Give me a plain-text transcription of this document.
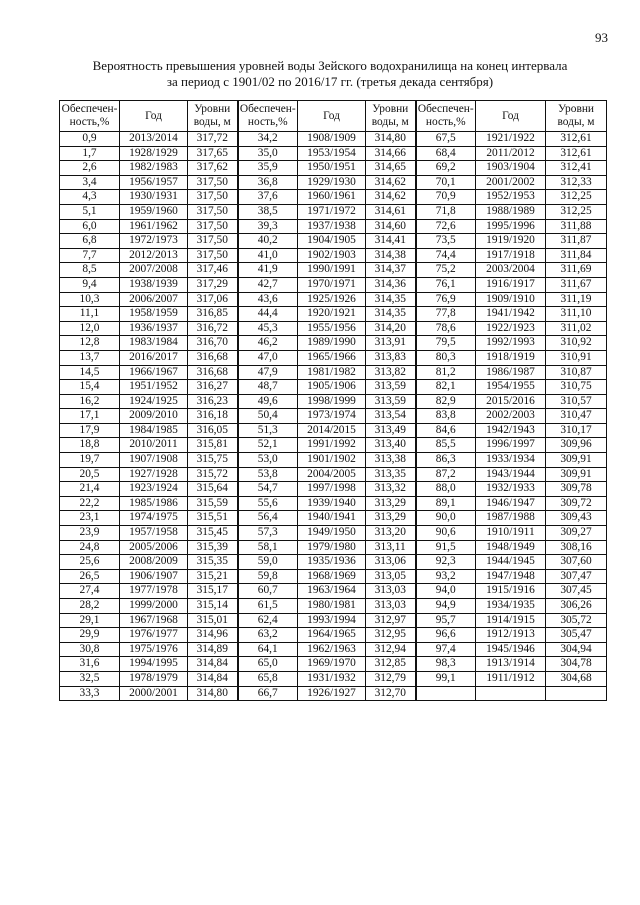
93
Вероятность превышения уровней воды Зейского водохранилища на конец интервала
за период с 1901/02 по 2016/17 гг. (третья декада сентября)
Обеспечен-ность,%	Год	Уровни воды, м	Обеспечен-ность,%	Год	Уровни воды, м	Обеспечен-ность,%	Год	Уровни воды, м
0,9	2013/2014	317,72	34,2	1908/1909	314,80	67,5	1921/1922	312,61
1,7	1928/1929	317,65	35,0	1953/1954	314,66	68,4	2011/2012	312,61
2,6	1982/1983	317,62	35,9	1950/1951	314,65	69,2	1903/1904	312,41
3,4	1956/1957	317,50	36,8	1929/1930	314,62	70,1	2001/2002	312,33
4,3	1930/1931	317,50	37,6	1960/1961	314,62	70,9	1952/1953	312,25
5,1	1959/1960	317,50	38,5	1971/1972	314,61	71,8	1988/1989	312,25
6,0	1961/1962	317,50	39,3	1937/1938	314,60	72,6	1995/1996	311,88
6,8	1972/1973	317,50	40,2	1904/1905	314,41	73,5	1919/1920	311,87
7,7	2012/2013	317,50	41,0	1902/1903	314,38	74,4	1917/1918	311,84
8,5	2007/2008	317,46	41,9	1990/1991	314,37	75,2	2003/2004	311,69
9,4	1938/1939	317,29	42,7	1970/1971	314,36	76,1	1916/1917	311,67
10,3	2006/2007	317,06	43,6	1925/1926	314,35	76,9	1909/1910	311,19
11,1	1958/1959	316,85	44,4	1920/1921	314,35	77,8	1941/1942	311,10
12,0	1936/1937	316,72	45,3	1955/1956	314,20	78,6	1922/1923	311,02
12,8	1983/1984	316,70	46,2	1989/1990	313,91	79,5	1992/1993	310,92
13,7	2016/2017	316,68	47,0	1965/1966	313,83	80,3	1918/1919	310,91
14,5	1966/1967	316,68	47,9	1981/1982	313,82	81,2	1986/1987	310,87
15,4	1951/1952	316,27	48,7	1905/1906	313,59	82,1	1954/1955	310,75
16,2	1924/1925	316,23	49,6	1998/1999	313,59	82,9	2015/2016	310,57
17,1	2009/2010	316,18	50,4	1973/1974	313,54	83,8	2002/2003	310,47
17,9	1984/1985	316,05	51,3	2014/2015	313,49	84,6	1942/1943	310,17
18,8	2010/2011	315,81	52,1	1991/1992	313,40	85,5	1996/1997	309,96
19,7	1907/1908	315,75	53,0	1901/1902	313,38	86,3	1933/1934	309,91
20,5	1927/1928	315,72	53,8	2004/2005	313,35	87,2	1943/1944	309,91
21,4	1923/1924	315,64	54,7	1997/1998	313,32	88,0	1932/1933	309,78
22,2	1985/1986	315,59	55,6	1939/1940	313,29	89,1	1946/1947	309,72
23,1	1974/1975	315,51	56,4	1940/1941	313,29	90,0	1987/1988	309,43
23,9	1957/1958	315,45	57,3	1949/1950	313,20	90,6	1910/1911	309,27
24,8	2005/2006	315,39	58,1	1979/1980	313,11	91,5	1948/1949	308,16
25,6	2008/2009	315,35	59,0	1935/1936	313,06	92,3	1944/1945	307,60
26,5	1906/1907	315,21	59,8	1968/1969	313,05	93,2	1947/1948	307,47
27,4	1977/1978	315,17	60,7	1963/1964	313,03	94,0	1915/1916	307,45
28,2	1999/2000	315,14	61,5	1980/1981	313,03	94,9	1934/1935	306,26
29,1	1967/1968	315,01	62,4	1993/1994	312,97	95,7	1914/1915	305,72
29,9	1976/1977	314,96	63,2	1964/1965	312,95	96,6	1912/1913	305,47
30,8	1975/1976	314,89	64,1	1962/1963	312,94	97,4	1945/1946	304,94
31,6	1994/1995	314,84	65,0	1969/1970	312,85	98,3	1913/1914	304,78
32,5	1978/1979	314,84	65,8	1931/1932	312,79	99,1	1911/1912	304,68
33,3	2000/2001	314,80	66,7	1926/1927	312,70			
